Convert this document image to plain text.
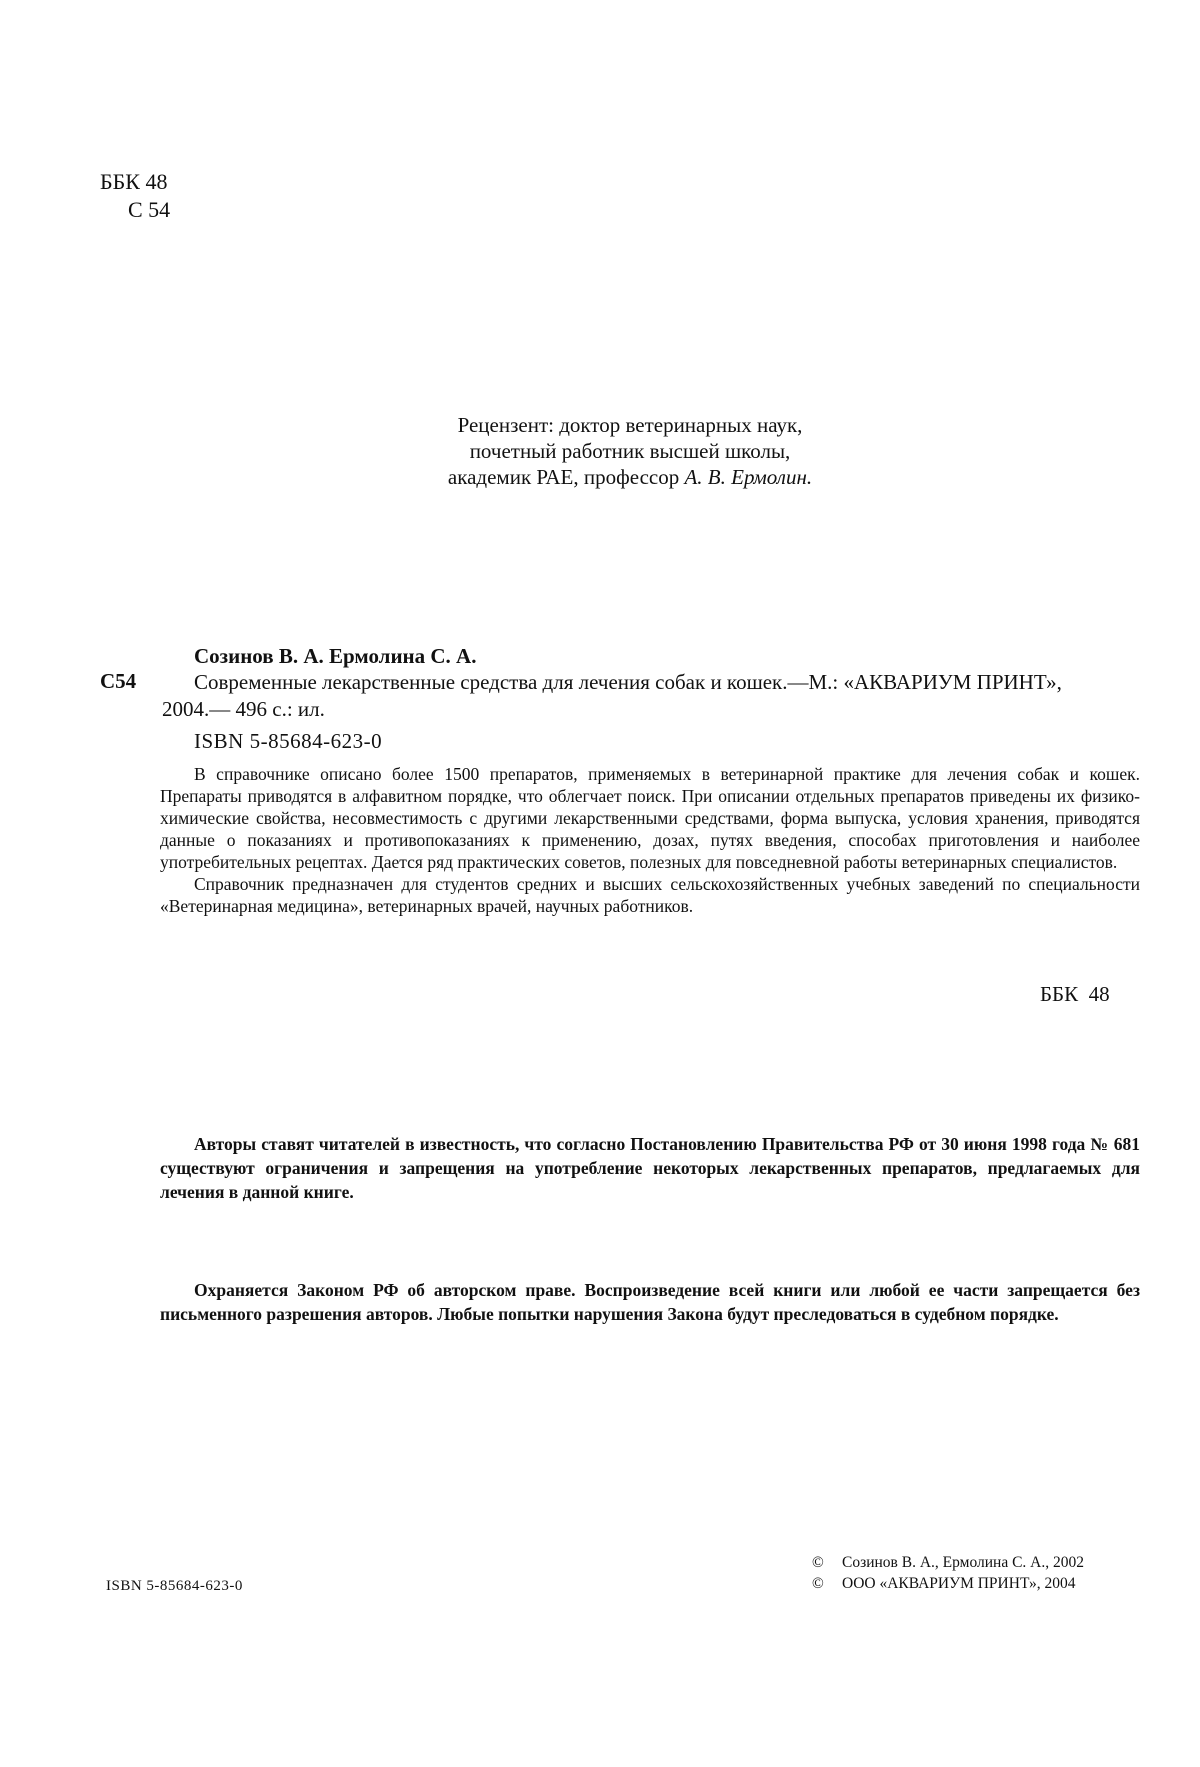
ББК 48
С 54
Рецензент: доктор ветеринарных наук,
почетный работник высшей школы,
академик РАЕ, профессор А. В. Ермолин.
Созинов В. А. Ермолина С. А.
С54	Современные лекарственные средства для лечения собак и кошек.—М.: «АКВАРИУМ ПРИНТ»,
2004.— 496 с.: ил.
ISBN 5-85684-623-0

В справочнике описано более 1500 препаратов, применяемых в ветеринарной практике для лечения собак и кошек. Препараты приводятся в алфавитном порядке, что облегчает поиск. При описании отдельных препаратов приведены их физико-химические свойства, несовместимость с другими лекарственными средствами, форма выпуска, условия хранения, приводятся данные о показаниях и противопоказаниях к применению, дозах, путях введения, способах приготовления и наиболее употребительных рецептах. Дается ряд практических советов, полезных для повседневной работы ветеринарных специалистов.

Справочник предназначен для студентов средних и высших сельскохозяйственных учебных заведений по специальности «Ветеринарная медицина», ветеринарных врачей, научных работников.

ББК  48

Авторы ставят читателей в известность, что согласно Постановлению Правительства РФ от 30 июня 1998 года № 681 существуют ограничения и запрещения на употребление некоторых лекарственных препаратов, предлагаемых для лечения в данной книге.

Охраняется Законом РФ об авторском праве. Воспроизведение всей книги или любой ее части запрещается без письменного разрешения авторов. Любые попытки нарушения Закона будут преследоваться в судебном порядке.

ISBN 5-85684-623-0
© Созинов В. А., Ермолина С. А., 2002
© ООО «АКВАРИУМ ПРИНТ», 2004
